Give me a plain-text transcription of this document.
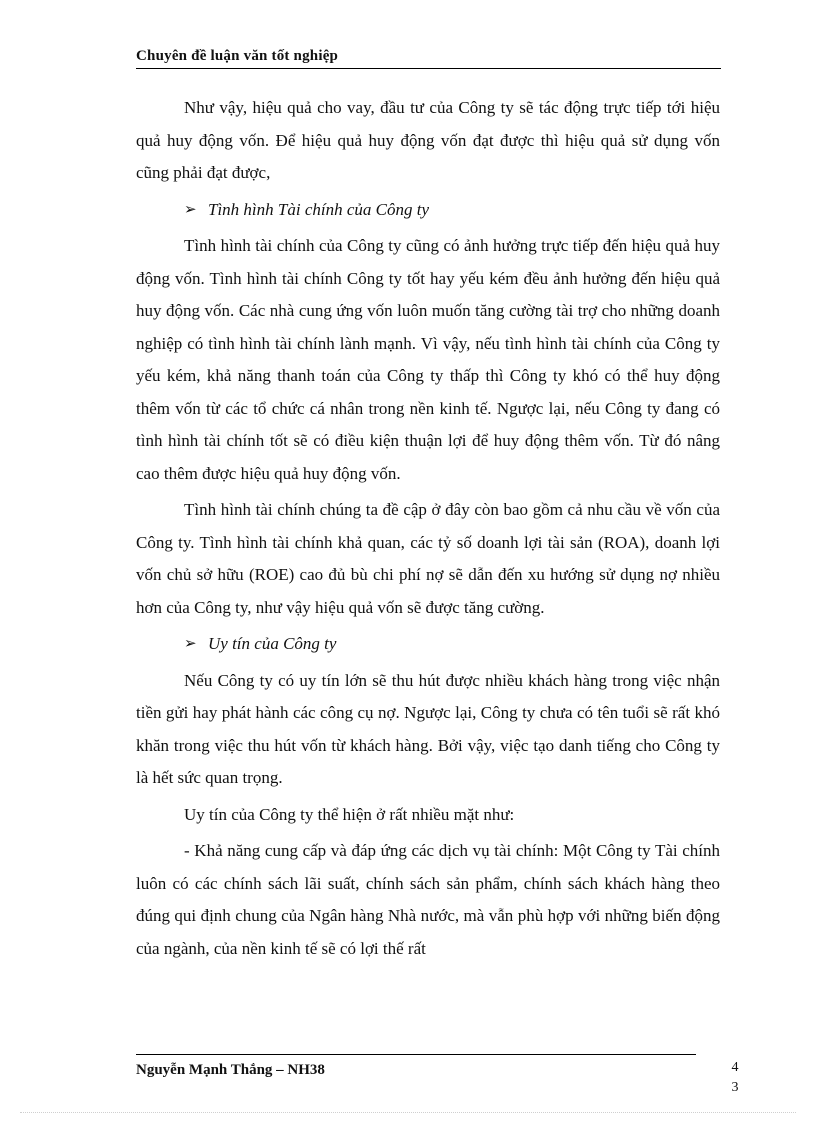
Chuyên đề luận văn tốt nghiệp

Như vậy, hiệu quả cho vay, đầu tư của Công ty sẽ tác động trực tiếp tới hiệu quả huy động vốn. Để hiệu quả huy động vốn đạt được thì hiệu quả sử dụng vốn cũng phải đạt được,

➢ Tình hình Tài chính của Công ty

Tình hình tài chính của Công ty cũng có ảnh hưởng trực tiếp đến hiệu quả huy động vốn. Tình hình tài chính Công ty tốt hay yếu kém đều ảnh hưởng đến hiệu quả huy động vốn. Các nhà cung ứng vốn luôn muốn tăng cường tài trợ cho những doanh nghiệp có tình hình tài chính lành mạnh. Vì vậy, nếu tình hình tài chính của Công ty yếu kém, khả năng thanh toán của Công ty thấp thì Công ty khó có thể huy động thêm vốn từ các tổ chức cá nhân trong nền kinh tế. Ngược lại, nếu Công ty đang có tình hình tài chính tốt sẽ có điều kiện thuận lợi để huy động thêm vốn. Từ đó nâng cao thêm được hiệu quả huy động vốn.

Tình hình tài chính chúng ta đề cập ở đây còn bao gồm cả nhu cầu về vốn của Công ty. Tình hình tài chính khả quan, các tỷ số doanh lợi tài sản (ROA), doanh lợi vốn chủ sở hữu (ROE) cao đủ bù chi phí nợ sẽ dẫn đến xu hướng sử dụng nợ nhiều hơn của Công ty, như vậy hiệu quả vốn sẽ được tăng cường.

➢ Uy tín của Công ty

Nếu Công ty có uy tín lớn sẽ thu hút được nhiều khách hàng trong việc nhận tiền gửi hay phát hành các công cụ nợ. Ngược lại, Công ty chưa có tên tuổi sẽ rất khó khăn trong việc thu hút vốn từ khách hàng. Bởi vậy, việc tạo danh tiếng cho Công ty là hết sức quan trọng.

Uy tín của Công ty thể hiện ở rất nhiều mặt như:

- Khả năng cung cấp và đáp ứng các dịch vụ tài chính: Một Công ty Tài chính luôn có các chính sách lãi suất, chính sách sản phẩm, chính sách khách hàng theo đúng qui định chung của Ngân hàng Nhà nước, mà vẫn phù hợp với những biến động của ngành, của nền kinh tế sẽ có lợi thế rất

Nguyễn Mạnh Thắng – NH38	4
3
